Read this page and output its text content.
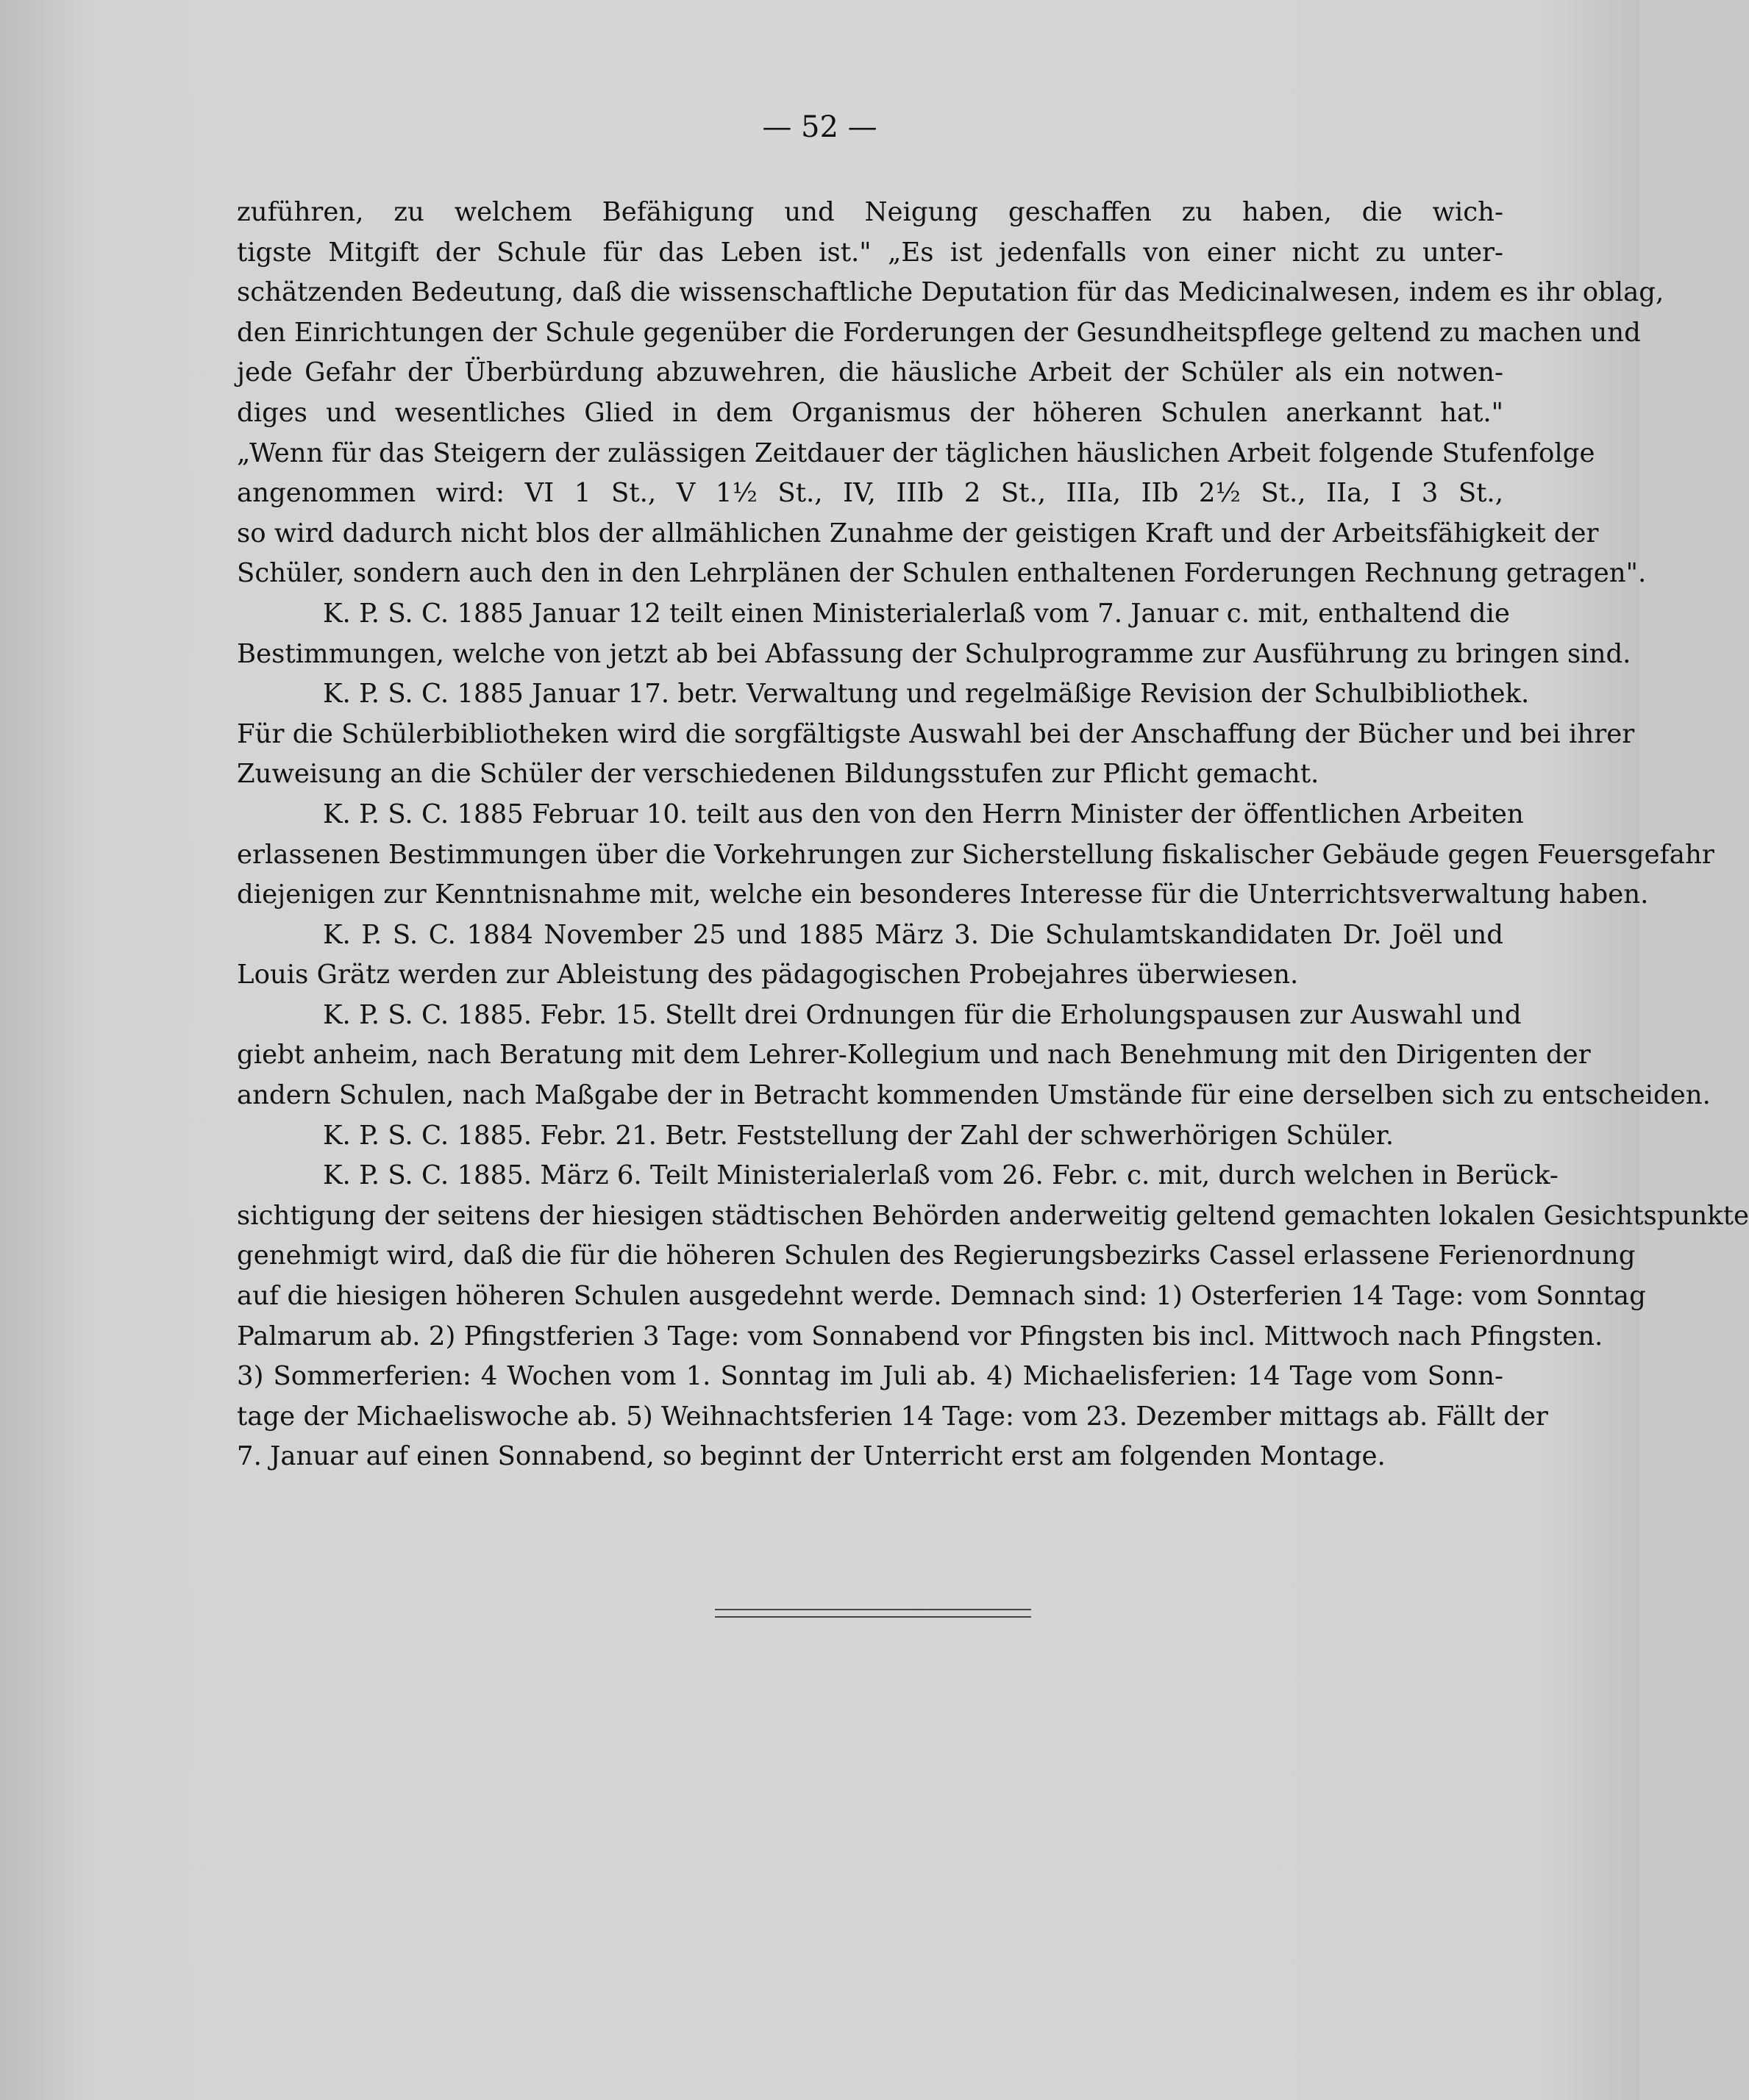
— 52 —
zuführen, zu welchem Befähigung und Neigung geschaffen zu haben, die wich-
tigste Mitgift der Schule für das Leben ist." „Es ist jedenfalls von einer nicht zu unter-
schätzenden Bedeutung, daß die wissenschaftliche Deputation für das Medicinalwesen, indem es ihr oblag,
den Einrichtungen der Schule gegenüber die Forderungen der Gesundheitspflege geltend zu machen und
jede Gefahr der Überbürdung abzuwehren, die häusliche Arbeit der Schüler als ein notwen-
diges und wesentliches Glied in dem Organismus der höheren Schulen anerkannt hat."
„Wenn für das Steigern der zulässigen Zeitdauer der täglichen häuslichen Arbeit folgende Stufenfolge
angenommen wird: VI 1 St., V 1½ St., IV, IIIb 2 St., IIIa, IIb 2½ St., IIa, I 3 St.,
so wird dadurch nicht blos der allmählichen Zunahme der geistigen Kraft und der Arbeitsfähigkeit der
Schüler, sondern auch den in den Lehrplänen der Schulen enthaltenen Forderungen Rechnung getragen".
K. P. S. C. 1885 Januar 12 teilt einen Ministerialerlaß vom 7. Januar c. mit, enthaltend die
Bestimmungen, welche von jetzt ab bei Abfassung der Schulprogramme zur Ausführung zu bringen sind.
K. P. S. C. 1885 Januar 17. betr. Verwaltung und regelmäßige Revision der Schulbibliothek.
Für die Schülerbibliotheken wird die sorgfältigste Auswahl bei der Anschaffung der Bücher und bei ihrer
Zuweisung an die Schüler der verschiedenen Bildungsstufen zur Pflicht gemacht.
K. P. S. C. 1885 Februar 10. teilt aus den von den Herrn Minister der öffentlichen Arbeiten
erlassenen Bestimmungen über die Vorkehrungen zur Sicherstellung fiskalischer Gebäude gegen Feuersgefahr
diejenigen zur Kenntnisnahme mit, welche ein besonderes Interesse für die Unterrichtsverwaltung haben.
K. P. S. C. 1884 November 25 und 1885 März 3. Die Schulamtskandidaten Dr. Joël und
Louis Grätz werden zur Ableistung des pädagogischen Probejahres überwiesen.
K. P. S. C. 1885. Febr. 15. Stellt drei Ordnungen für die Erholungspausen zur Auswahl und
giebt anheim, nach Beratung mit dem Lehrer-Kollegium und nach Benehmung mit den Dirigenten der
andern Schulen, nach Maßgabe der in Betracht kommenden Umstände für eine derselben sich zu entscheiden.
K. P. S. C. 1885. Febr. 21. Betr. Feststellung der Zahl der schwerhörigen Schüler.
K. P. S. C. 1885. März 6. Teilt Ministerialerlaß vom 26. Febr. c. mit, durch welchen in Berück-
sichtigung der seitens der hiesigen städtischen Behörden anderweitig geltend gemachten lokalen Gesichtspunkte
genehmigt wird, daß die für die höheren Schulen des Regierungsbezirks Cassel erlassene Ferienordnung
auf die hiesigen höheren Schulen ausgedehnt werde. Demnach sind: 1) Osterferien 14 Tage: vom Sonntag
Palmarum ab. 2) Pfingstferien 3 Tage: vom Sonnabend vor Pfingsten bis incl. Mittwoch nach Pfingsten.
3) Sommerferien: 4 Wochen vom 1. Sonntag im Juli ab. 4) Michaelisferien: 14 Tage vom Sonn-
tage der Michaeliswoche ab. 5) Weihnachtsferien 14 Tage: vom 23. Dezember mittags ab. Fällt der
7. Januar auf einen Sonnabend, so beginnt der Unterricht erst am folgenden Montage.
